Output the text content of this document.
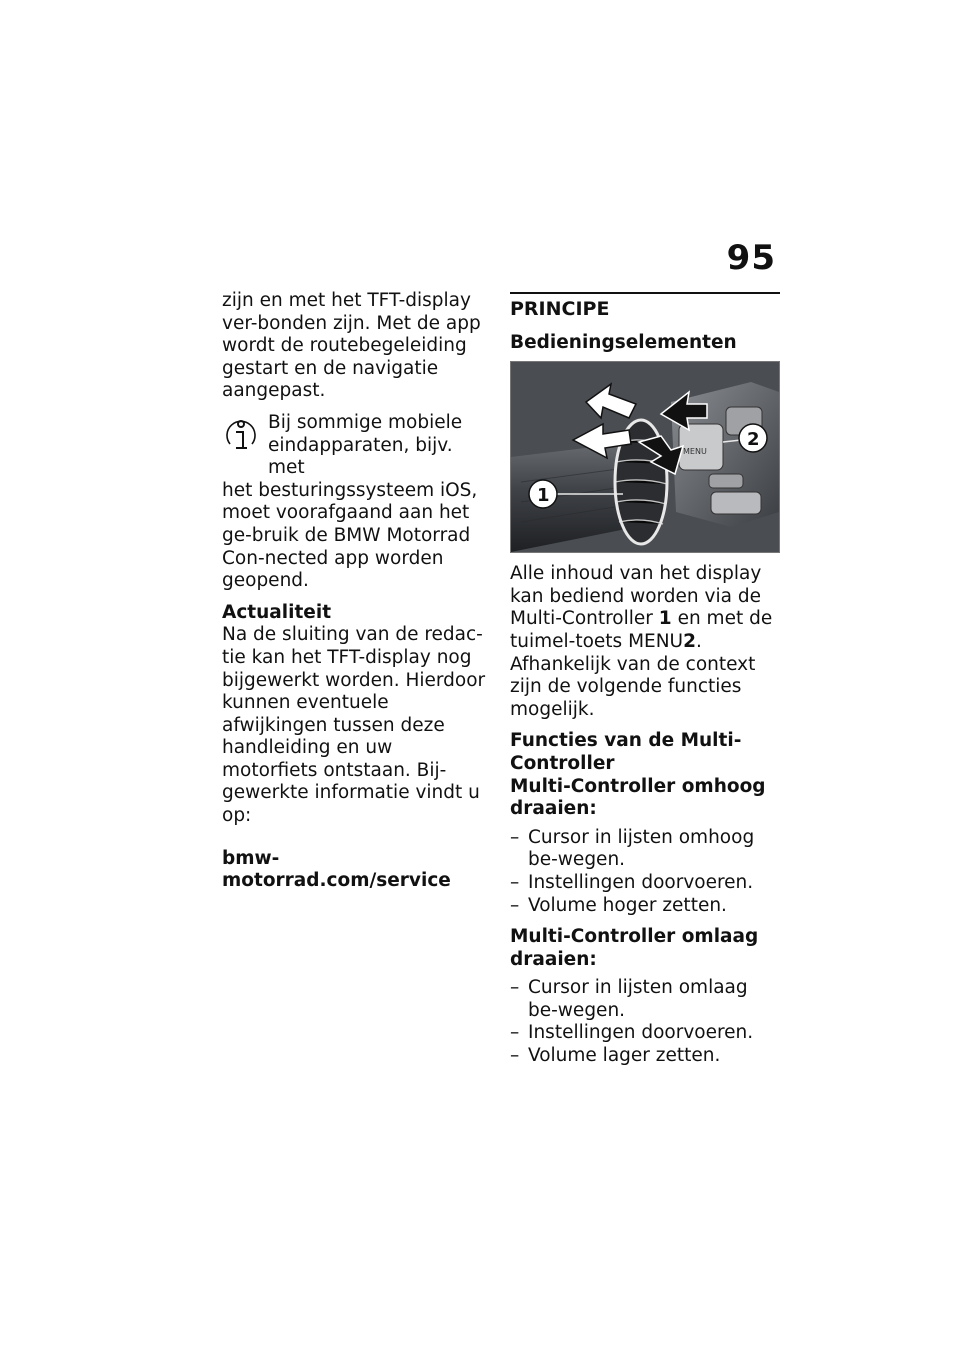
95

zijn en met het TFT-display ver-bonden zijn. Met de app wordt de routebegeleiding gestart en de navigatie aangepast.

Bij sommige mobiele
eindapparaten, bijv. met
het besturingssysteem iOS, moet voorafgaand aan het ge-bruik de BMW Motorrad Con-nected app worden geopend.
Actualiteit

Na de sluiting van de redac-tie kan het TFT-display nog bijgewerkt worden. Hierdoor kunnen eventuele afwijkingen tussen deze handleiding en uw motorfiets ontstaan. Bij-gewerkte informatie vindt u op:

bmw-motorrad.com/service
PRINCIPE
Bedieningselementen
MENU
1
2

Alle inhoud van het display kan bediend worden via de Multi-Controller 1 en met de tuimel-toets MENU2.

Afhankelijk van de context zijn de volgende functies mogelijk.

Functies van de Multi-Controller
Multi-Controller omhoog draaien:
– Cursor in lijsten omhoog be-wegen.
– Instellingen doorvoeren.
– Volume hoger zetten.
Multi-Controller omlaag draaien:
– Cursor in lijsten omlaag be-wegen.
– Instellingen doorvoeren.
– Volume lager zetten.
